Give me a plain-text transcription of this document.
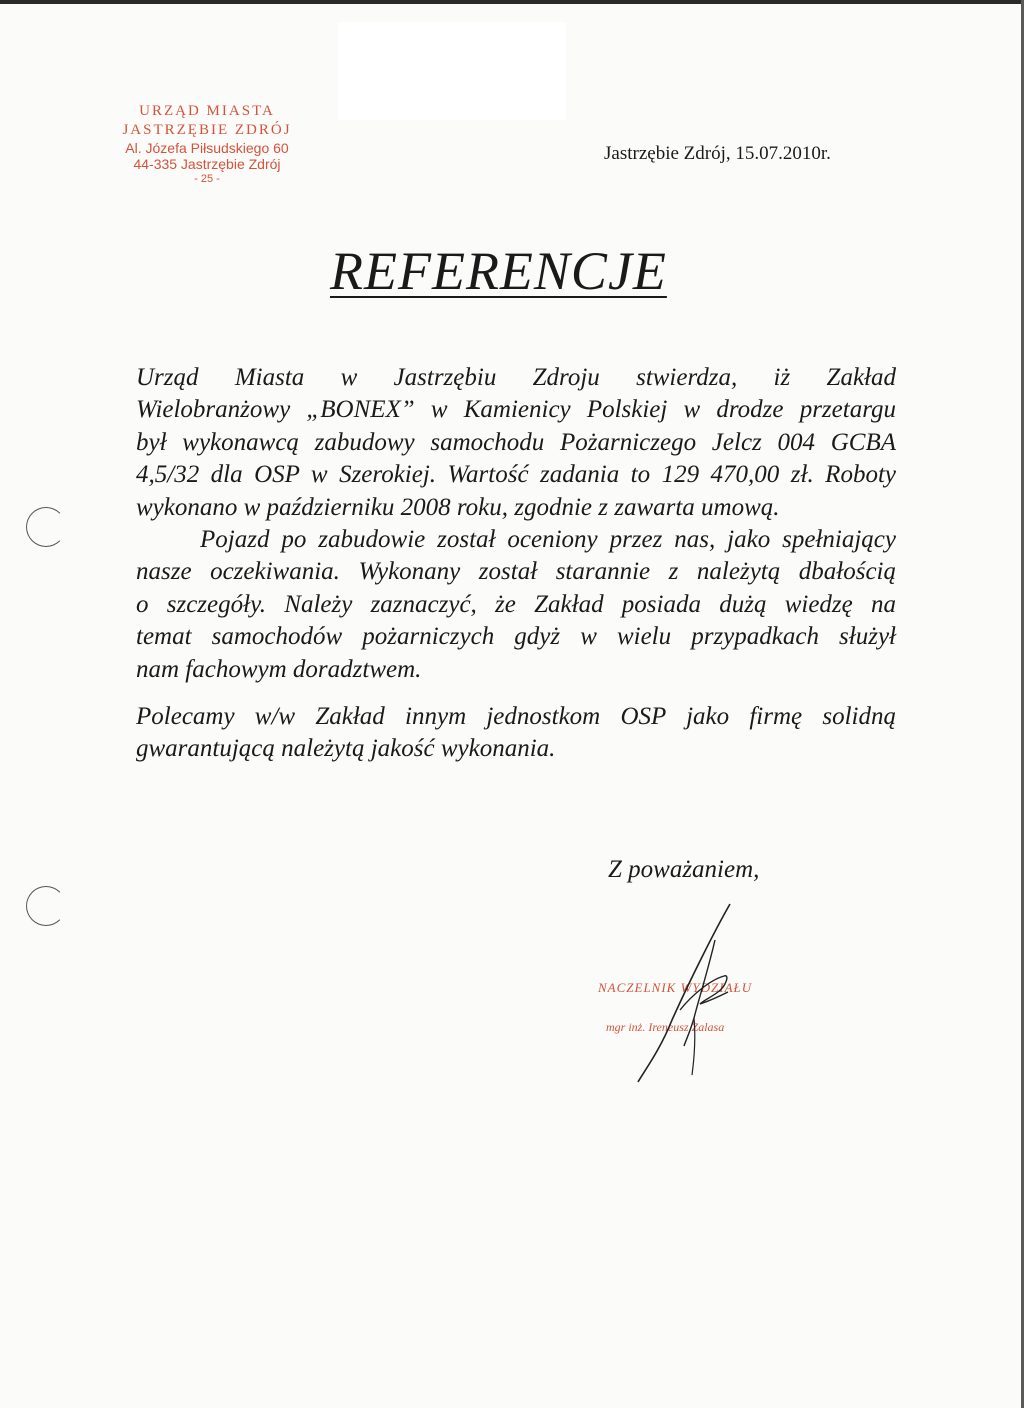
URZĄD MIASTA
JASTRZĘBIE ZDRÓJ
Al. Józefa Piłsudskiego 60
44-335 Jastrzębie Zdrój
- 25 -
Jastrzębie Zdrój, 15.07.2010r.
REFERENCJE
Urząd Miasta w Jastrzębiu Zdroju stwierdza, iż Zakład
Wielobranżowy „BONEX” w Kamienicy Polskiej w drodze przetargu
był wykonawcą zabudowy samochodu Pożarniczego Jelcz 004 GCBA
4,5/32 dla OSP w Szerokiej. Wartość zadania to 129 470,00 zł. Roboty
wykonano w październiku 2008 roku, zgodnie z zawarta umową.
Pojazd po zabudowie został oceniony przez nas, jako spełniający
nasze oczekiwania. Wykonany został starannie z należytą dbałością
o szczegóły. Należy zaznaczyć, że Zakład posiada dużą wiedzę na
temat samochodów pożarniczych gdyż w wielu przypadkach służył
nam fachowym doradztwem.
Polecamy w/w Zakład innym jednostkom OSP jako firmę solidną
gwarantującą należytą jakość wykonania.
Z poważaniem,
NACZELNIK WYDZIAŁU
mgr inż. Ireneusz Zalasa
